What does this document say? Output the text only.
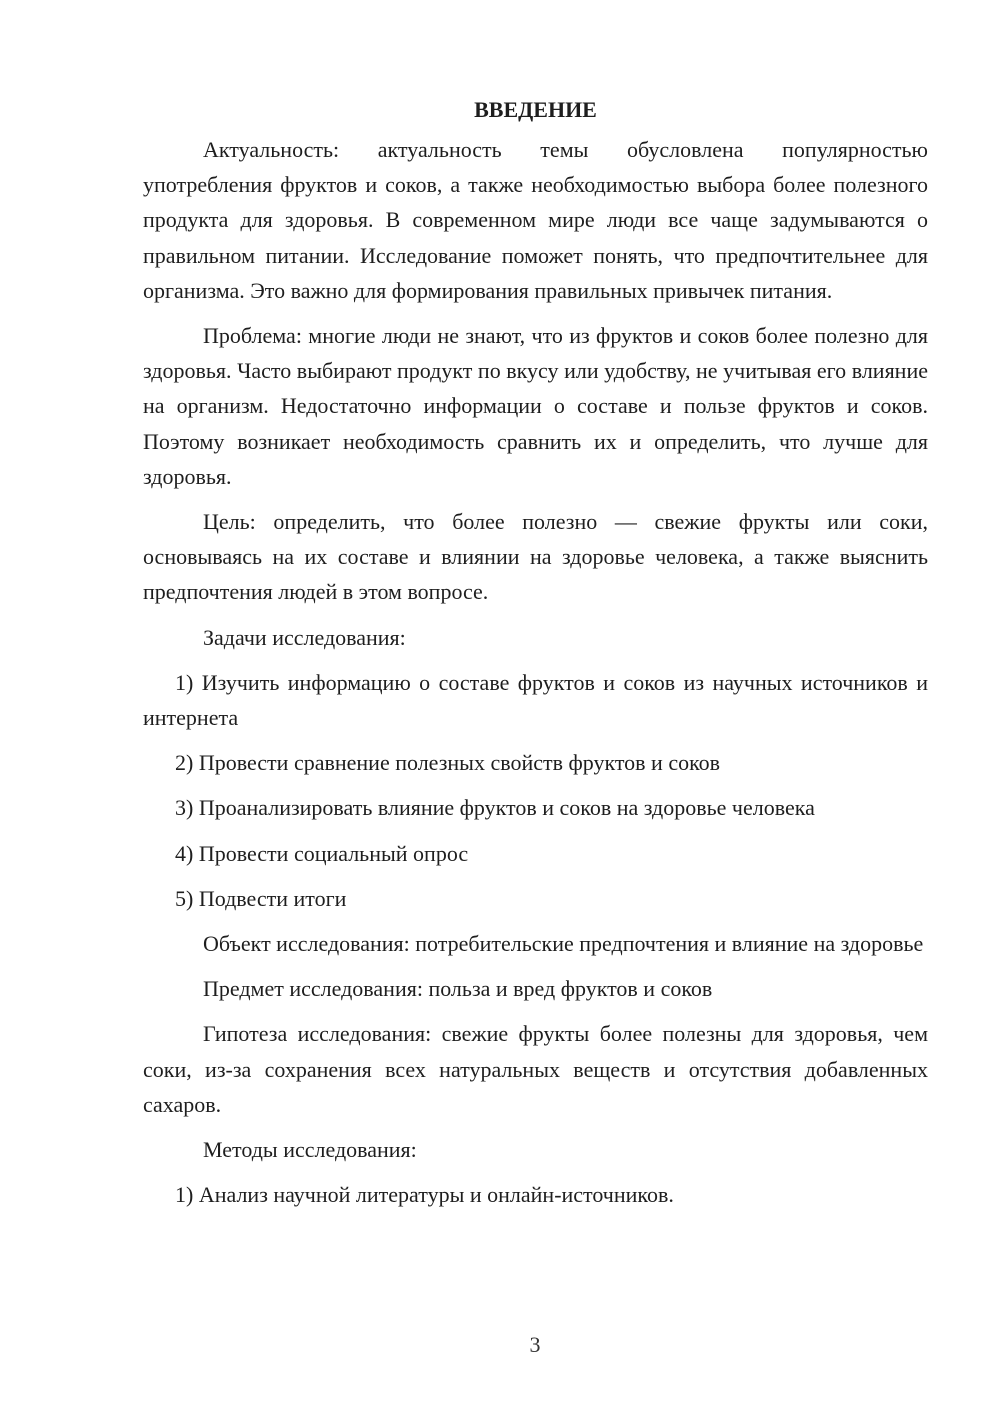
ВВЕДЕНИЕ

Актуальность: актуальность темы обусловлена популярностью употребления фруктов и соков, а также необходимостью выбора более полезного продукта для здоровья. В современном мире люди все чаще задумываются о правильном питании. Исследование поможет понять, что предпочтительнее для организма. Это важно для формирования правильных привычек питания.

Проблема: многие люди не знают, что из фруктов и соков более полезно для здоровья. Часто выбирают продукт по вкусу или удобству, не учитывая его влияние на организм. Недостаточно информации о составе и пользе фруктов и соков. Поэтому возникает необходимость сравнить их и определить, что лучше для здоровья.

Цель: определить, что более полезно — свежие фрукты или соки, основываясь на их составе и влиянии на здоровье человека, а также выяснить предпочтения людей в этом вопросе.

Задачи исследования:

1) Изучить информацию о составе фруктов и соков из научных источников и интернета

2) Провести сравнение полезных свойств фруктов и соков

3) Проанализировать влияние фруктов и соков на здоровье человека

4) Провести социальный опрос

5) Подвести итоги

Объект исследования: потребительские предпочтения и влияние на здоровье

Предмет исследования: польза и вред фруктов и соков

Гипотеза исследования: свежие фрукты более полезны для здоровья, чем соки, из-за сохранения всех натуральных веществ и отсутствия добавленных сахаров.

Методы исследования:

1) Анализ научной литературы и онлайн-источников.

3
